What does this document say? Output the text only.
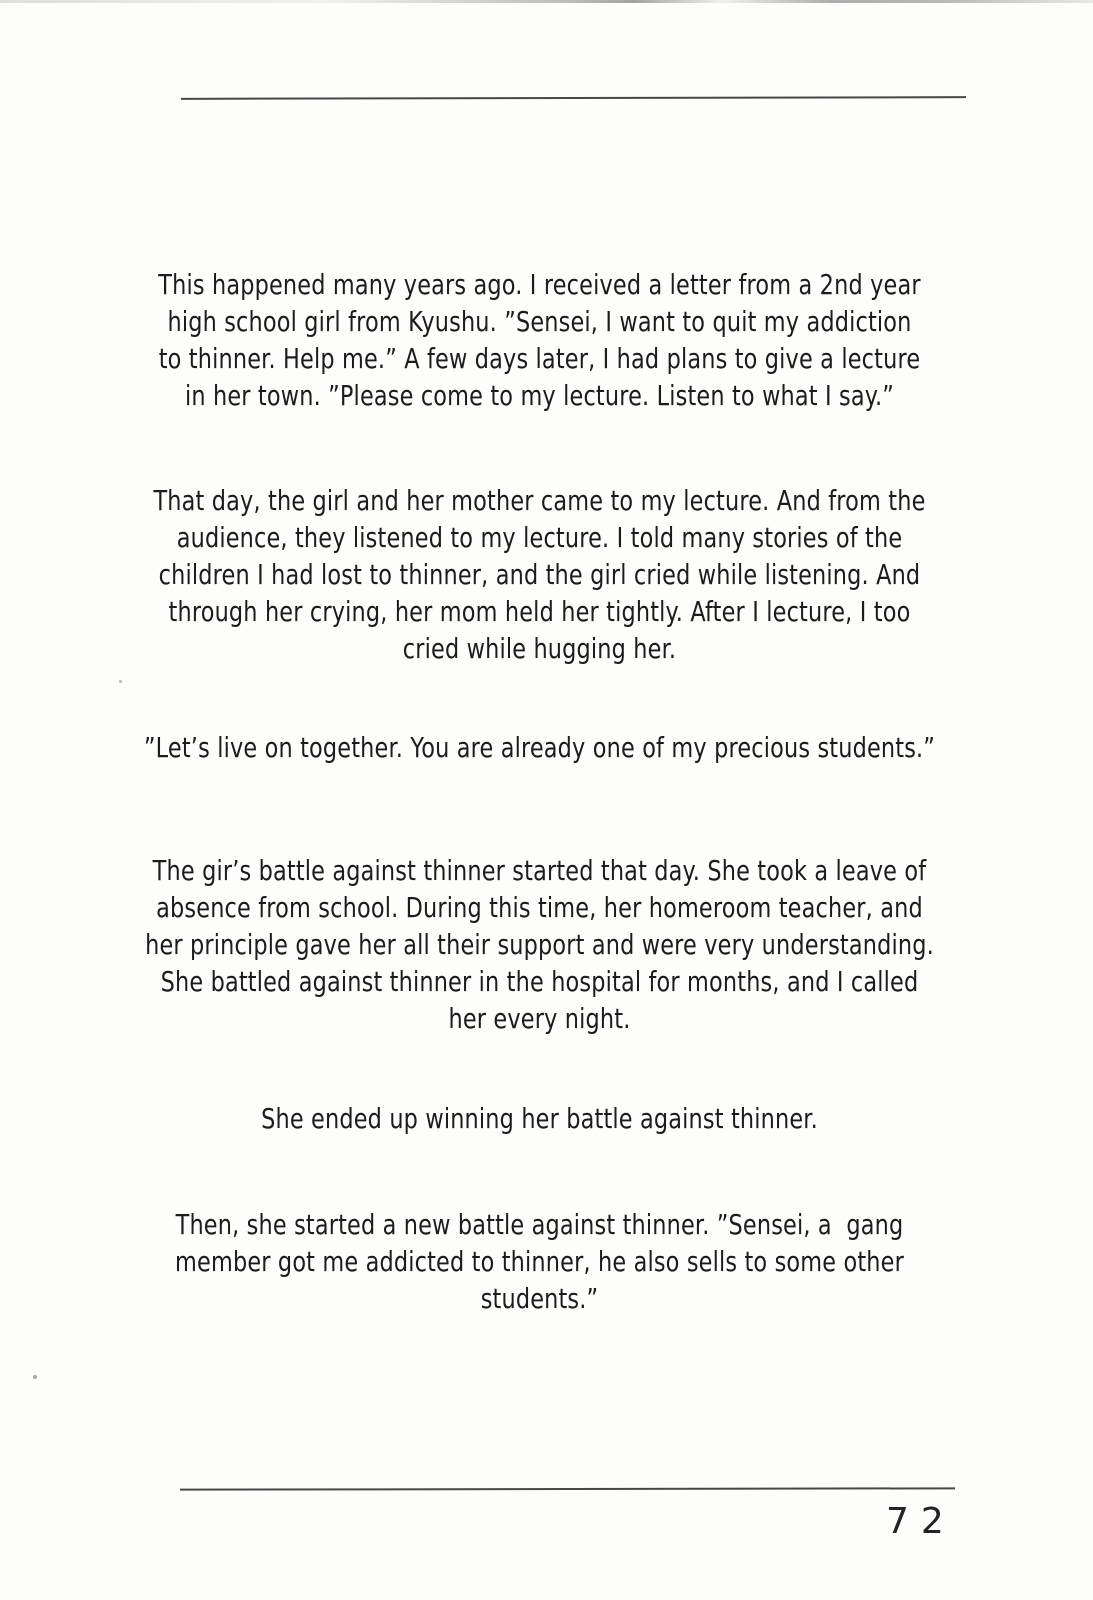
This happened many years ago. I received a letter from a 2nd year
high school girl from Kyushu. ”Sensei, I want to quit my addiction
to thinner. Help me.” A few days later, I had plans to give a lecture
in her town. ”Please come to my lecture. Listen to what I say.”
That day, the girl and her mother came to my lecture. And from the
audience, they listened to my lecture. I told many stories of the
children I had lost to thinner, and the girl cried while listening. And
through her crying, her mom held her tightly. After I lecture, I too
cried while hugging her.
”Let’s live on together. You are already one of my precious students.”
The gir’s battle against thinner started that day. She took a leave of
absence from school. During this time, her homeroom teacher, and
her principle gave her all their support and were very understanding.
She battled against thinner in the hospital for months, and I called
her every night.
She ended up winning her battle against thinner.
Then, she started a new battle against thinner. ”Sensei, a  gang
member got me addicted to thinner, he also sells to some other
students.”
72
